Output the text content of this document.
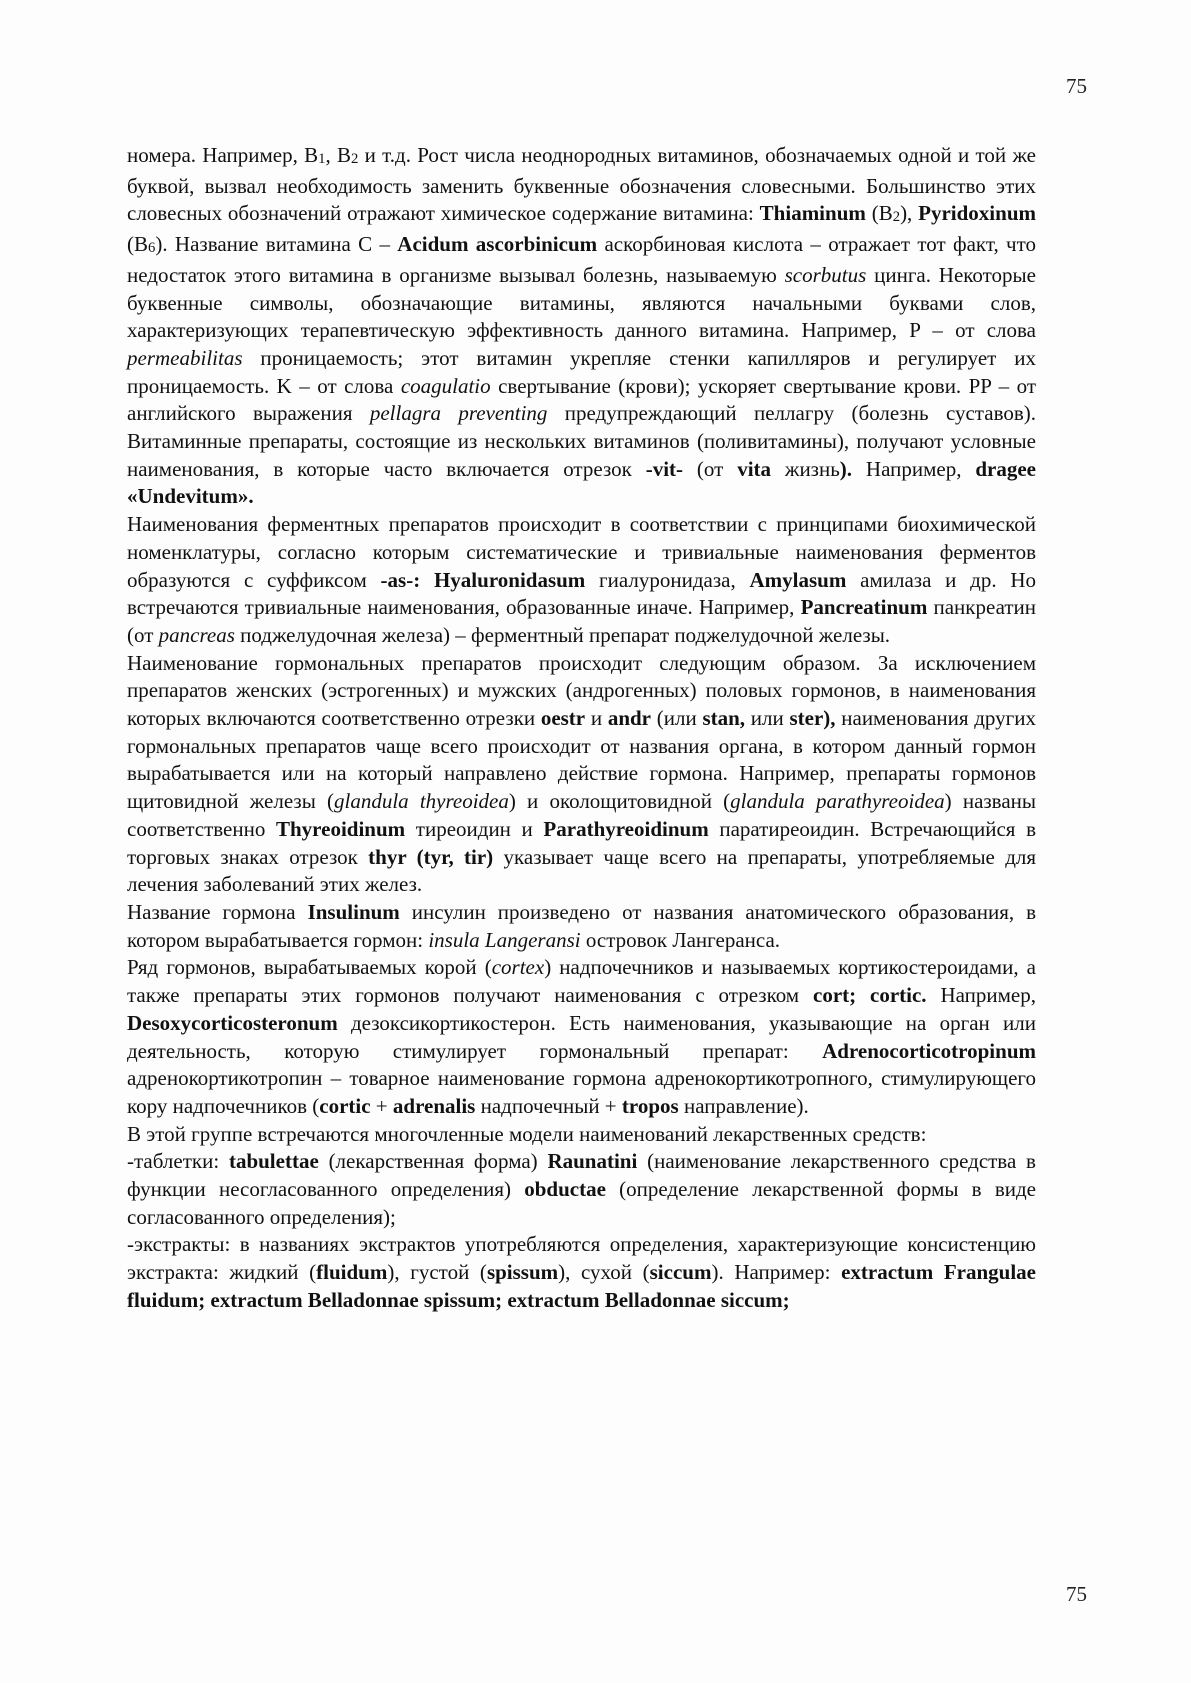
75

номера. Например, $B_1$, $B_2$ и т.д. Рост числа неоднородных витаминов, обозначаемых одной и той же буквой, вызвал необходимость заменить буквенные обозначения словесными. Большинство этих словесных обозначений отражают химическое содержание витамина: Thiaminum $(B_2)$, Pyridoxinum $(B_6)$. Название витамина C – Acidum ascorbinicum аскорбиновая кислота – отражает тот факт, что недостаток этого витамина в организме вызывал болезнь, называемую scorbutus цинга. Некоторые буквенные символы, обозначающие витамины, являются начальными буквами слов, характеризующих терапевтическую эффективность данного витамина. Например, P – от слова permeabilitas проницаемость; этот витамин укрепляе стенки капилляров и регулирует их проницаемость. K – от слова coagulatio свертывание (крови); ускоряет свертывание крови. PP – от английского выражения pellagra preventing предупреждающий пеллагру (болезнь суставов). Витаминные препараты, состоящие из нескольких витаминов (поливитамины), получают условные наименования, в которые часто включается отрезок -vit- (от vita жизнь). Например, dragee «Undevitum».

Наименования ферментных препаратов происходит в соответствии с принципами биохимической номенклатуры, согласно которым систематические и тривиальные наименования ферментов образуются с суффиксом -as-: Hyaluronidasum гиалуронидаза, Amylasum амилаза и др. Но встречаются тривиальные наименования, образованные иначе. Например, Pancreatinum панкреатин (от pancreas поджелудочная железа) – ферментный препарат поджелудочной железы.

Наименование гормональных препаратов происходит следующим образом. За исключением препаратов женских (эстрогенных) и мужских (андрогенных) половых гормонов, в наименования которых включаются соответственно отрезки oestr и andr (или stan, или ster), наименования других гормональных препаратов чаще всего происходит от названия органа, в котором данный гормон вырабатывается или на который направлено действие гормона. Например, препараты гормонов щитовидной железы (glandula thyreoidea) и околощитовидной (glandula parathyreoidea) названы соответственно Thyreoidinum тиреоидин и Parathyreoidinum паратиреоидин. Встречающийся в торговых знаках отрезок thyr (tyr, tir) указывает чаще всего на препараты, употребляемые для лечения заболеваний этих желез.

Название гормона Insulinum инсулин произведено от названия анатомического образования, в котором вырабатывается гормон: insula Langeransi островок Лангеранса.

Ряд гормонов, вырабатываемых корой (cortex) надпочечников и называемых кортикостероидами, а также препараты этих гормонов получают наименования с отрезком cort; cortic. Например, Desoxycorticosteronum дезоксикортикостерон. Есть наименования, указывающие на орган или деятельность, которую стимулирует гормональный препарат: Adrenocorticotropinum адренокортикотропин – товарное наименование гормона адренокортикотропного, стимулирующего кору надпочечников (cortic + adrenalis надпочечный + tropos направление).

В этой группе встречаются многочленные модели наименований лекарственных средств:

-таблетки: tabulettae (лекарственная форма) Raunatini (наименование лекарственного средства в функции несогласованного определения) obductae (определение лекарственной формы в виде согласованного определения);

-экстракты: в названиях экстрактов употребляются определения, характеризующие консистенцию экстракта: жидкий (fluidum), густой (spissum), сухой (siccum). Например: extractum Frangulae fluidum; extractum Belladonnae spissum; extractum Belladonnae siccum;

75
